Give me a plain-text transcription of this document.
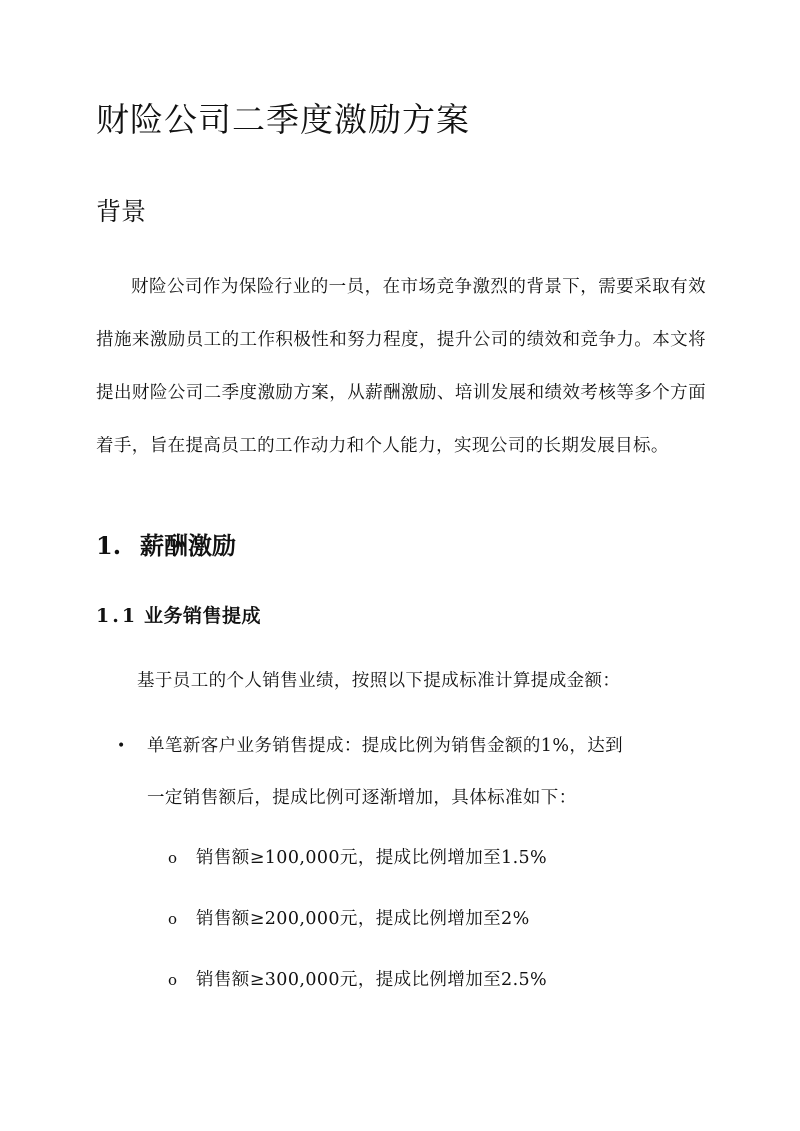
财险公司二季度激励方案
背景

财险公司作为保险行业的一员，在市场竞争激烈的背景下，需要采取有效措施来激励员工的工作积极性和努力程度，提升公司的绩效和竞争力。本文将提出财险公司二季度激励方案，从薪酬激励、培训发展和绩效考核等多个方面着手，旨在提高员工的工作动力和个人能力，实现公司的长期发展目标。

1. 薪酬激励
1.1 业务销售提成

基于员工的个人销售业绩，按照以下提成标准计算提成金额：

• 单笔新客户业务销售提成：提成比例为销售金额的1%，达到
一定销售额后，提成比例可逐渐增加，具体标准如下：

o 销售额≥100,000元，提成比例增加至1.5%

o 销售额≥200,000元，提成比例增加至2%

o 销售额≥300,000元，提成比例增加至2.5%
